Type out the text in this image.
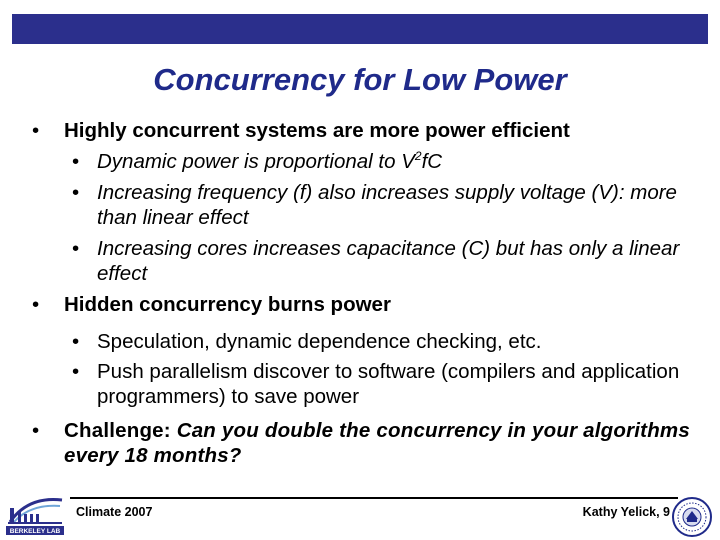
Concurrency for Low Power
•	Highly concurrent systems are more power efficient
• Dynamic power is proportional to $V^2fC$
• Increasing frequency (f) also increases supply voltage (V): more than linear effect
• Increasing cores increases capacitance (C) but has only a linear effect
•	Hidden concurrency burns power
• Speculation, dynamic dependence checking, etc.
• Push parallelism discover to software (compilers and application programmers) to save power
•	Challenge: Can you double the concurrency in your algorithms every 18 months?
BERKELEY LAB
Climate 2007	Kathy Yelick, 9
